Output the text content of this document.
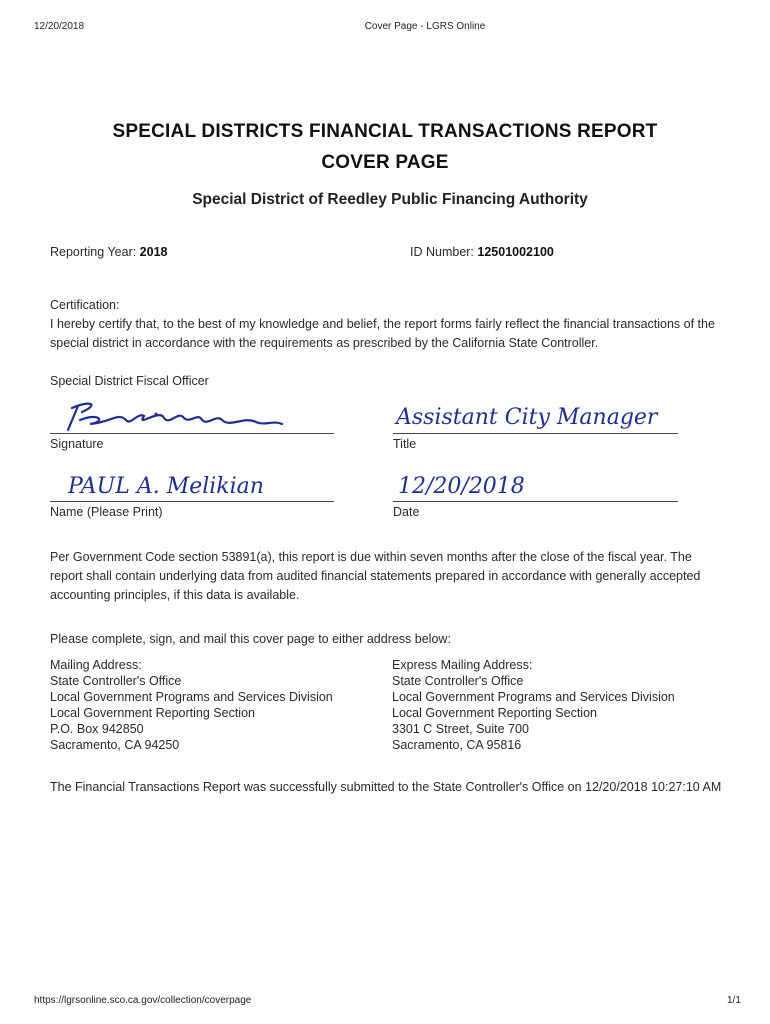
12/20/2018	Cover Page - LGRS Online
SPECIAL DISTRICTS FINANCIAL TRANSACTIONS REPORT
COVER PAGE
Special District of Reedley Public Financing Authority
Reporting Year: 2018	ID Number: 12501002100
Certification:
I hereby certify that, to the best of my knowledge and belief, the report forms fairly reflect the financial transactions of the special district in accordance with the requirements as prescribed by the California State Controller.
Special District Fiscal Officer
Signature
Assistant City Manager
Title
PAUL A. Melikian
Name (Please Print)
12/20/2018
Date
Per Government Code section 53891(a), this report is due within seven months after the close of the fiscal year. The report shall contain underlying data from audited financial statements prepared in accordance with generally accepted accounting principles, if this data is available.
Please complete, sign, and mail this cover page to either address below:
Mailing Address:
State Controller's Office
Local Government Programs and Services Division
Local Government Reporting Section
P.O. Box 942850
Sacramento, CA 94250
Express Mailing Address:
State Controller's Office
Local Government Programs and Services Division
Local Government Reporting Section
3301 C Street, Suite 700
Sacramento, CA 95816
The Financial Transactions Report was successfully submitted to the State Controller's Office on 12/20/2018 10:27:10 AM
https://lgrsonline.sco.ca.gov/collection/coverpage	1/1
